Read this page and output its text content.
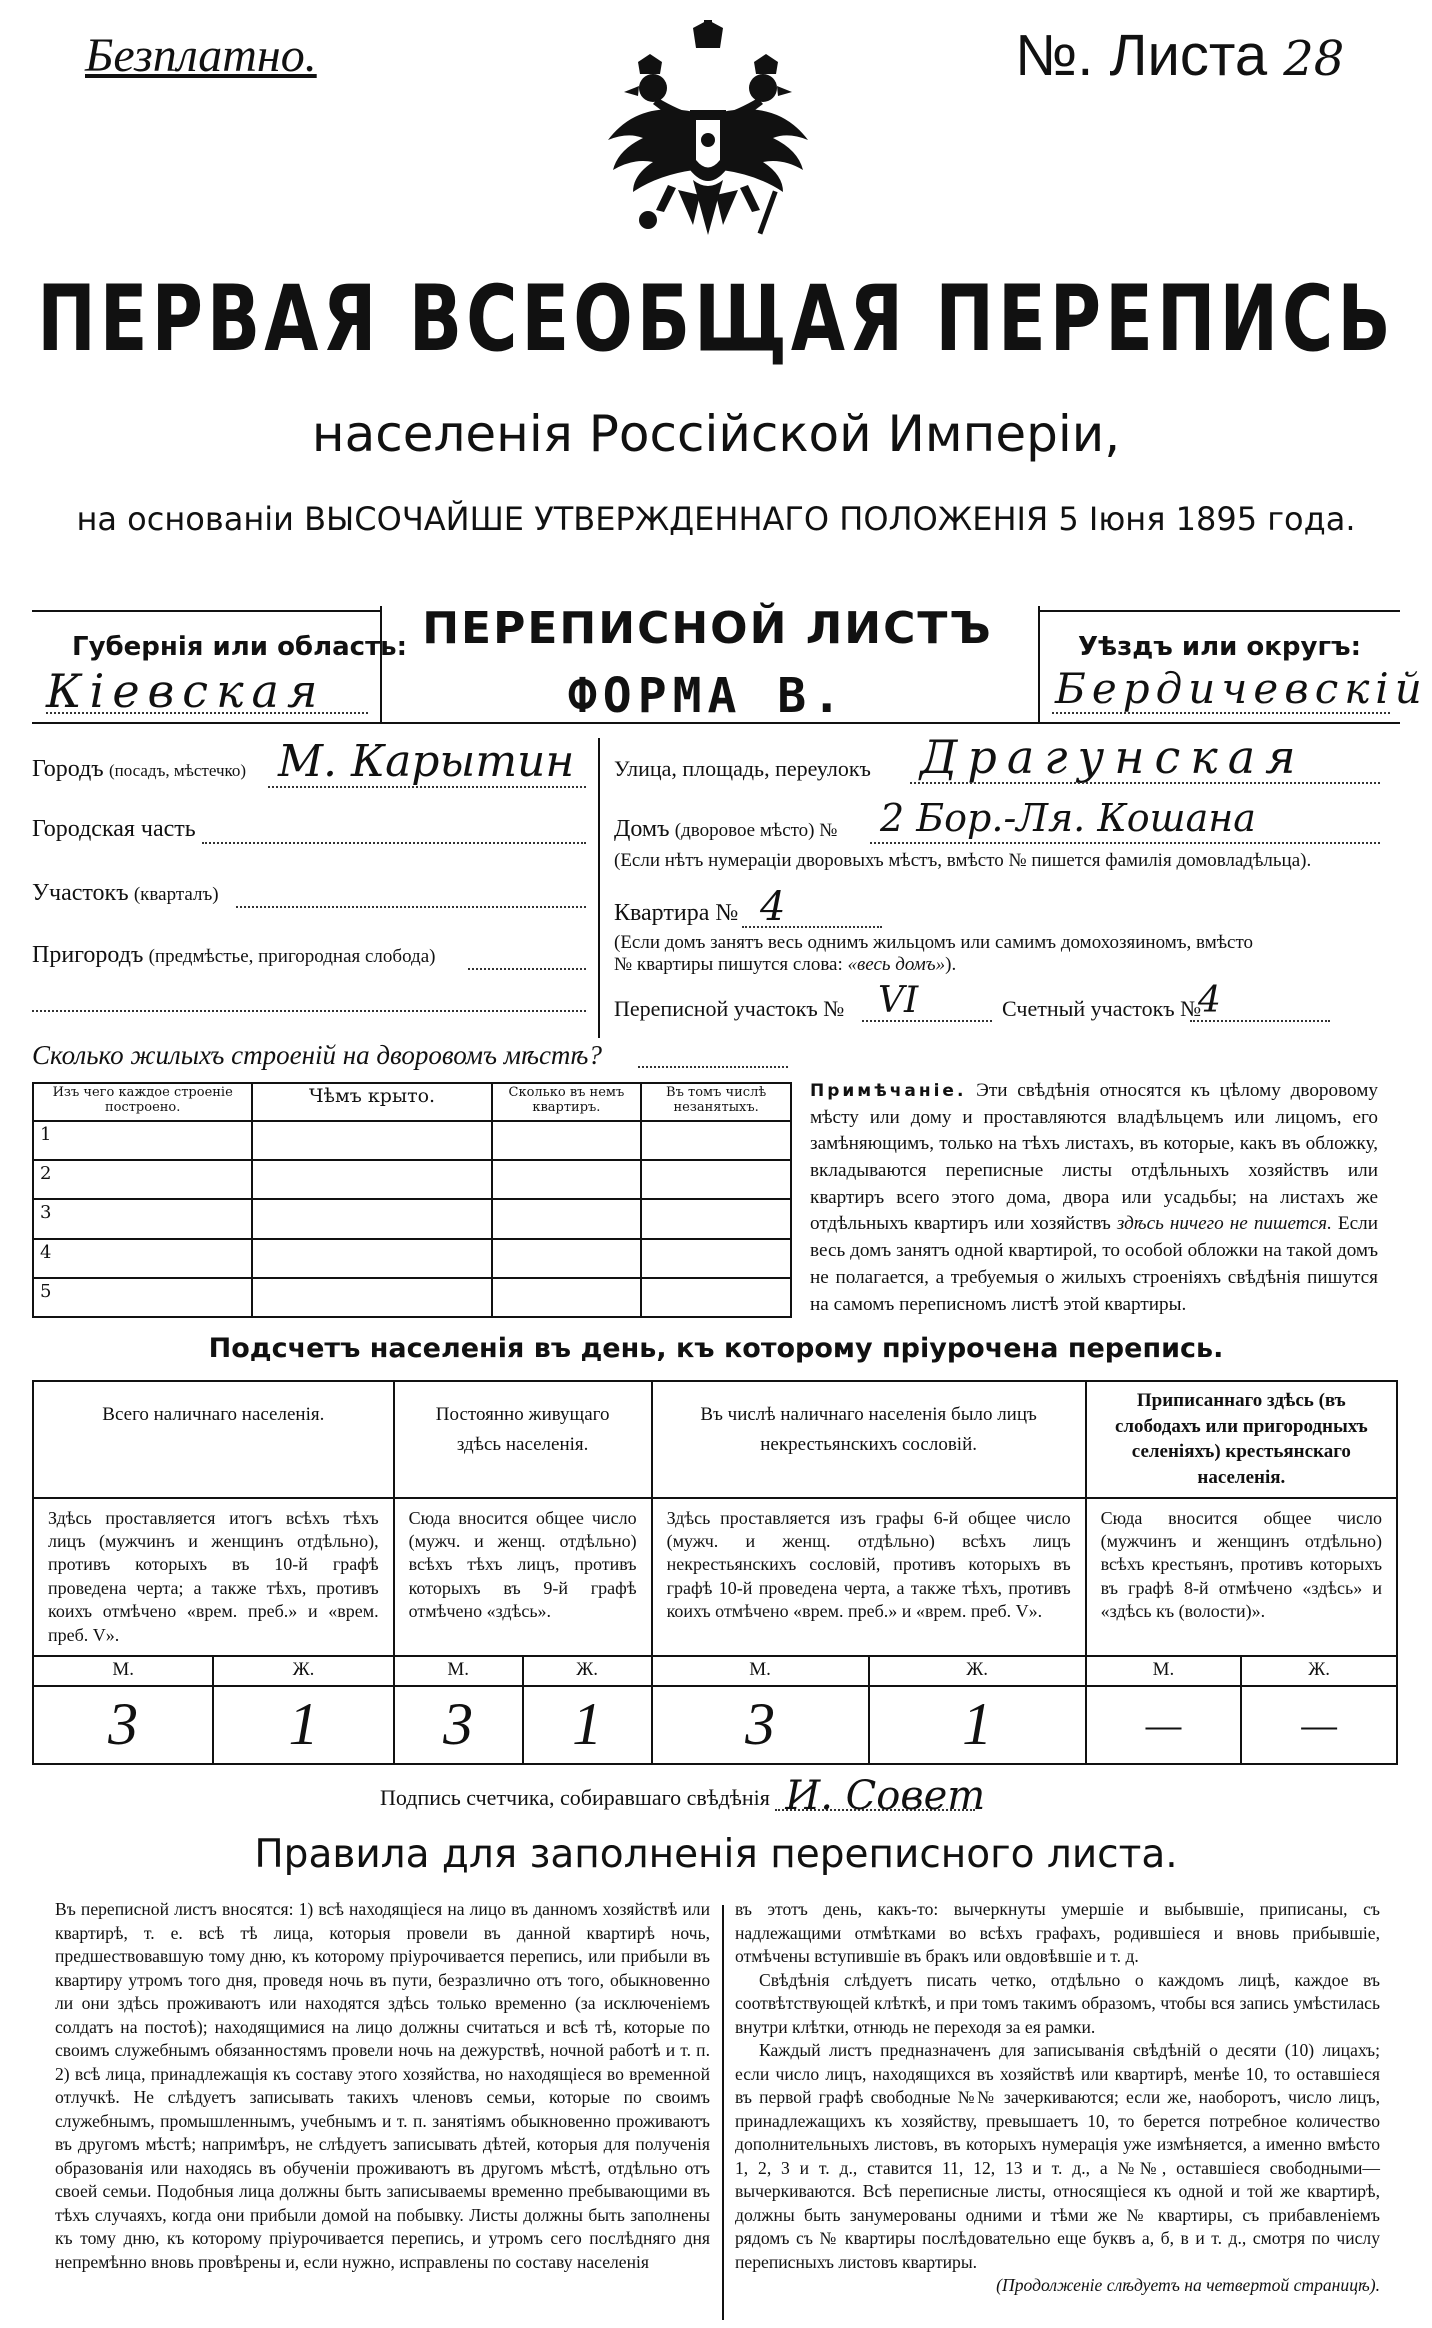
Безплатно.	№. Листа 28
ПЕРВАЯ ВСЕОБЩАЯ ПЕРЕПИСЬ
населенія Россійской Имперіи,
на основаніи ВЫСОЧАЙШЕ УТВЕРЖДЕННАГО ПОЛОЖЕНІЯ 5 Іюня 1895 года.
Губернія или область:
Кіевская
ПЕРЕПИСНОЙ ЛИСТЪ
ФОРМА В.
Уѣздъ или округъ:
Бердичевскій
Городъ (посадъ, мѣстечко) М. Карытин
Городская часть
Участокъ (кварталъ)
Пригородъ (предмѣстье, пригородная слобода)
Улица, площадь, переулокъ Драгунская
Домъ (дворовое мѣсто) № 2 Бор.-Ля. Кошана
(Если нѣтъ нумераціи дворовыхъ мѣстъ, вмѣсто № пишется фамилія домовладѣльца).
Квартира № 4
(Если домъ занятъ весь однимъ жильцомъ или самимъ домохозяиномъ, вмѣсто
№ квартиры пишутся слова: «весь домъ»).
Переписной участокъ № VI	Счетный участокъ №
4
Сколько жилыхъ строеній на дворовомъ мѣстѣ?
Изъ чего каждое строеніе построено.	Чѣмъ крыто.	Сколько въ немъ квартиръ.	Въ томъ числѣ незанятыхъ.
1			
2			
3			
4			
5			
Примѣчаніе. Эти свѣдѣнія относятся къ цѣлому дворовому мѣсту или дому и проставляются владѣльцемъ или лицомъ, его замѣняющимъ, только на тѣхъ листахъ, въ которые, какъ въ обложку, вкладываются переписные листы отдѣльныхъ хозяйствъ или квартиръ всего этого дома, двора или усадьбы; на листахъ же отдѣльныхъ квартиръ или хозяйствъ здѣсь ничего не пишется. Если весь домъ занятъ одной квартирой, то особой обложки на такой домъ не полагается, а требуемыя о жилыхъ строеніяхъ свѣдѣнія пишутся на самомъ переписномъ листѣ этой квартиры.
Подсчетъ населенія въ день, къ которому пріурочена перепись.
Всего наличнаго населенія.		Постоянно живущаго здѣсь населенія.		Въ числѣ наличнаго населенія было лицъ некрестьянскихъ сословій.		Приписаннаго здѣсь (въ слободахъ или пригородныхъ селеніяхъ) крестьянскаго населенія.	
Здѣсь проставляется итогъ всѣхъ тѣхъ лицъ (мужчинъ и женщинъ отдѣльно), противъ которыхъ въ 10-й графѣ проведена черта; а также тѣхъ, противъ коихъ отмѣчено «врем. преб.» и «врем. преб. V».		Сюда вносится общее число (мужч. и женщ. отдѣльно) всѣхъ тѣхъ лицъ, противъ которыхъ въ 9-й графѣ отмѣчено «здѣсь».		Здѣсь проставляется изъ графы 6-й общее число (мужч. и женщ. отдѣльно) всѣхъ лицъ некрестьянскихъ сословій, противъ которыхъ въ графѣ 10-й проведена черта, а также тѣхъ, противъ коихъ отмѣчено «врем. преб.» и «врем. преб. V».		Сюда вносится общее число (мужчинъ и женщинъ отдѣльно) всѣхъ крестьянъ, противъ которыхъ въ графѣ 8-й отмѣчено «здѣсь» и «здѣсь къ (волости)».	
М.	Ж.	М.	Ж.	М.	Ж.	М.	Ж.
3	1	3	1	3	1	—	—
Подпись счетчика, собиравшаго свѣдѣнія И. Совет
Правила для заполненія переписного листа.
Въ переписной листъ вносятся: 1) всѣ находящіеся на лицо въ данномъ хозяйствѣ или квартирѣ, т. е. всѣ тѣ лица, которыя провели въ данной квартирѣ ночь, предшествовавшую тому дню, къ которому пріурочивается перепись, или прибыли въ квартиру утромъ того дня, проведя ночь въ пути, безразлично отъ того, обыкновенно ли они здѣсь проживаютъ или находятся здѣсь только временно (за исключеніемъ солдатъ на постоѣ); находящимися на лицо должны считаться и всѣ тѣ, которые по своимъ служебнымъ обязанностямъ провели ночь на дежурствѣ, ночной работѣ и т. п. 2) всѣ лица, принадлежащія къ составу этого хозяйства, но находящіеся во временной отлучкѣ. Не слѣдуетъ записывать такихъ членовъ семьи, которые по своимъ служебнымъ, промышленнымъ, учебнымъ и т. п. занятіямъ обыкновенно проживаютъ въ другомъ мѣстѣ; напримѣръ, не слѣдуетъ записывать дѣтей, которыя для полученія образованія или находясь въ обученіи проживаютъ въ другомъ мѣстѣ, отдѣльно отъ своей семьи. Подобныя лица должны быть записываемы временно пребывающими въ тѣхъ случаяхъ, когда они прибыли домой на побывку. Листы должны быть заполнены къ тому дню, къ которому пріурочивается перепись, и утромъ сего послѣдняго дня непремѣнно вновь провѣрены и, если нужно, исправлены по составу населенія
въ этотъ день, какъ-то: вычеркнуты умершіе и выбывшіе, приписаны, съ надлежащими отмѣтками во всѣхъ графахъ, родившіеся и вновь прибывшіе, отмѣчены вступившіе въ бракъ или овдовѣвшіе и т. д.
Свѣдѣнія слѣдуетъ писать четко, отдѣльно о каждомъ лицѣ, каждое въ соотвѣтствующей клѣткѣ, и при томъ такимъ образомъ, чтобы вся запись умѣстилась внутри клѣтки, отнюдь не переходя за ея рамки.
Каждый листъ предназначенъ для записыванія свѣдѣній о десяти (10) лицахъ; если число лицъ, находящихся въ хозяйствѣ или квартирѣ, менѣе 10, то оставшіеся въ первой графѣ свободные №№ зачеркиваются; если же, наоборотъ, число лицъ, принадлежащихъ къ хозяйству, превышаетъ 10, то берется потребное количество дополнительныхъ листовъ, въ которыхъ нумерація уже измѣняется, а именно вмѣсто 1, 2, 3 и т. д., ставится 11, 12, 13 и т. д., а №№, оставшіеся свободными—вычеркиваются. Всѣ переписные листы, относящіеся къ одной и той же квартирѣ, должны быть занумерованы одними и тѣми же № квартиры, съ прибавленіемъ рядомъ съ № квартиры послѣдовательно еще буквъ а, б, в и т. д., смотря по числу переписныхъ листовъ квартиры.
(Продолженіе слѣдуетъ на четвертой страницѣ).
